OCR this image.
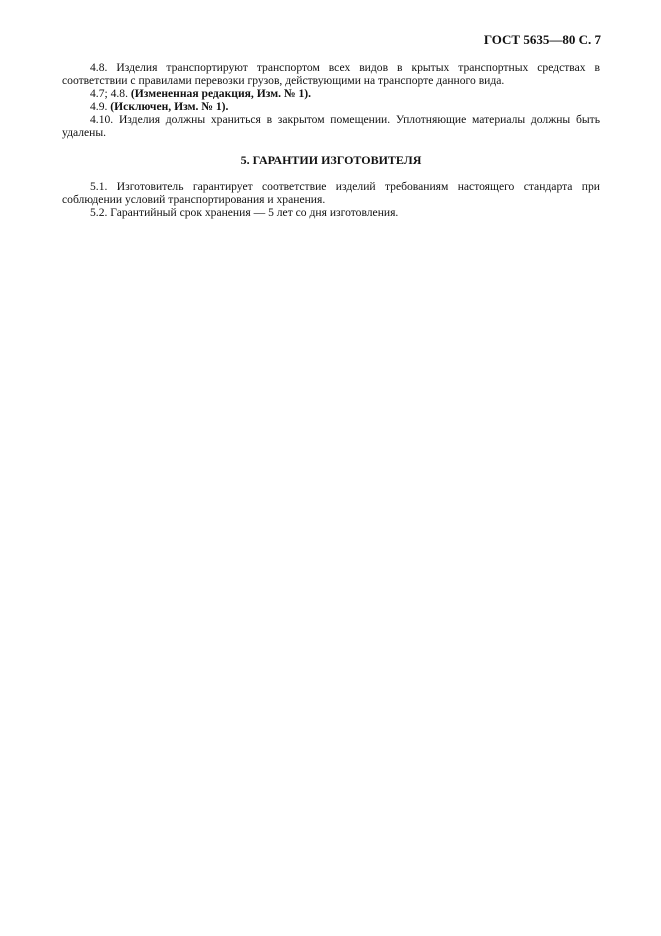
ГОСТ 5635—80 С. 7

4.8. Изделия транспортируют транспортом всех видов в крытых транспортных средствах в соответствии с правилами перевозки грузов, действующими на транспорте данного вида.

4.7; 4.8. (Измененная редакция, Изм. № 1).

4.9. (Исключен, Изм. № 1).

4.10. Изделия должны храниться в закрытом помещении. Уплотняющие материалы должны быть удалены.

5. ГАРАНТИИ ИЗГОТОВИТЕЛЯ

5.1. Изготовитель гарантирует соответствие изделий требованиям настоящего стандарта при соблюдении условий транспортирования и хранения.

5.2. Гарантийный срок хранения — 5 лет со дня изготовления.
